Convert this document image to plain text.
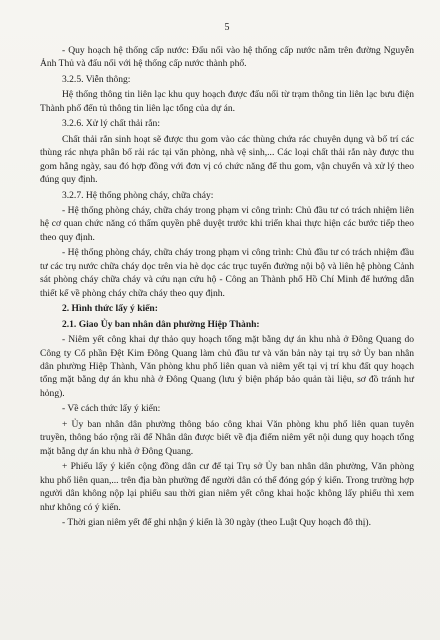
5

- Quy hoạch hệ thống cấp nước: Đấu nối vào hệ thống cấp nước nằm trên đường Nguyễn Ảnh Thủ và đấu nối với hệ thống cấp nước thành phố.

3.2.5. Viễn thông:

Hệ thống thông tin liên lạc khu quy hoạch được đấu nối từ trạm thông tin liên lạc bưu điện Thành phố đến tủ thông tin liên lạc tổng của dự án.

3.2.6. Xử lý chất thải rắn:

Chất thải rắn sinh hoạt sẽ được thu gom vào các thùng chứa rác chuyên dụng và bố trí các thùng rác nhựa phân bố rải rác tại văn phòng, nhà vệ sinh,... Các loại chất thải rắn này được thu gom hằng ngày, sau đó hợp đồng với đơn vị có chức năng để thu gom, vận chuyển và xử lý theo đúng quy định.

3.2.7. Hệ thống phòng cháy, chữa cháy:

- Hệ thống phòng cháy, chữa cháy trong phạm vi công trình: Chủ đầu tư có trách nhiệm liên hệ cơ quan chức năng có thẩm quyền phê duyệt trước khi triển khai thực hiện các bước tiếp theo theo quy định.

- Hệ thống phòng cháy, chữa cháy trong phạm vi công trình: Chủ đầu tư có trách nhiệm đầu tư các trụ nước chữa cháy dọc trên via hè dọc các trục tuyến đường nội bộ và liên hệ phòng Cảnh sát phòng cháy chữa cháy và cứu nạn cứu hộ - Công an Thành phố Hồ Chí Minh để hướng dẫn thiết kế về phòng cháy chữa cháy theo quy định.

2. Hình thức lấy ý kiến:

2.1. Giao Ủy ban nhân dân phường Hiệp Thành:

- Niêm yết công khai dự thảo quy hoạch tổng mặt bằng dự án khu nhà ở Đông Quang do Công ty Cổ phần Đệt Kim Đông Quang làm chủ đầu tư và văn bản này tại trụ sở Ủy ban nhân dân phường Hiệp Thành, Văn phòng khu phố liên quan và niêm yết tại vị trí khu đất quy hoạch tổng mặt bằng dự án khu nhà ở Đông Quang (lưu ý biện pháp bảo quản tài liệu, sơ đồ tránh hư hỏng).

- Về cách thức lấy ý kiến:

+ Ủy ban nhân dân phường thông báo công khai Văn phòng khu phố liên quan tuyên truyền, thông báo rộng rãi để Nhân dân được biết về địa điểm niêm yết nội dung quy hoạch tổng mặt bằng dự án khu nhà ở Đông Quang.

+ Phiếu lấy ý kiến cộng đồng dân cư để tại Trụ sở Ủy ban nhân dân phường, Văn phòng khu phố liên quan,... trên địa bàn phường để người dân có thể đóng góp ý kiến. Trong trường hợp người dân không nộp lại phiếu sau thời gian niêm yết công khai hoặc không lấy phiếu thì xem như không có ý kiến.

- Thời gian niêm yết để ghi nhận ý kiến là 30 ngày (theo Luật Quy hoạch đô thị).
